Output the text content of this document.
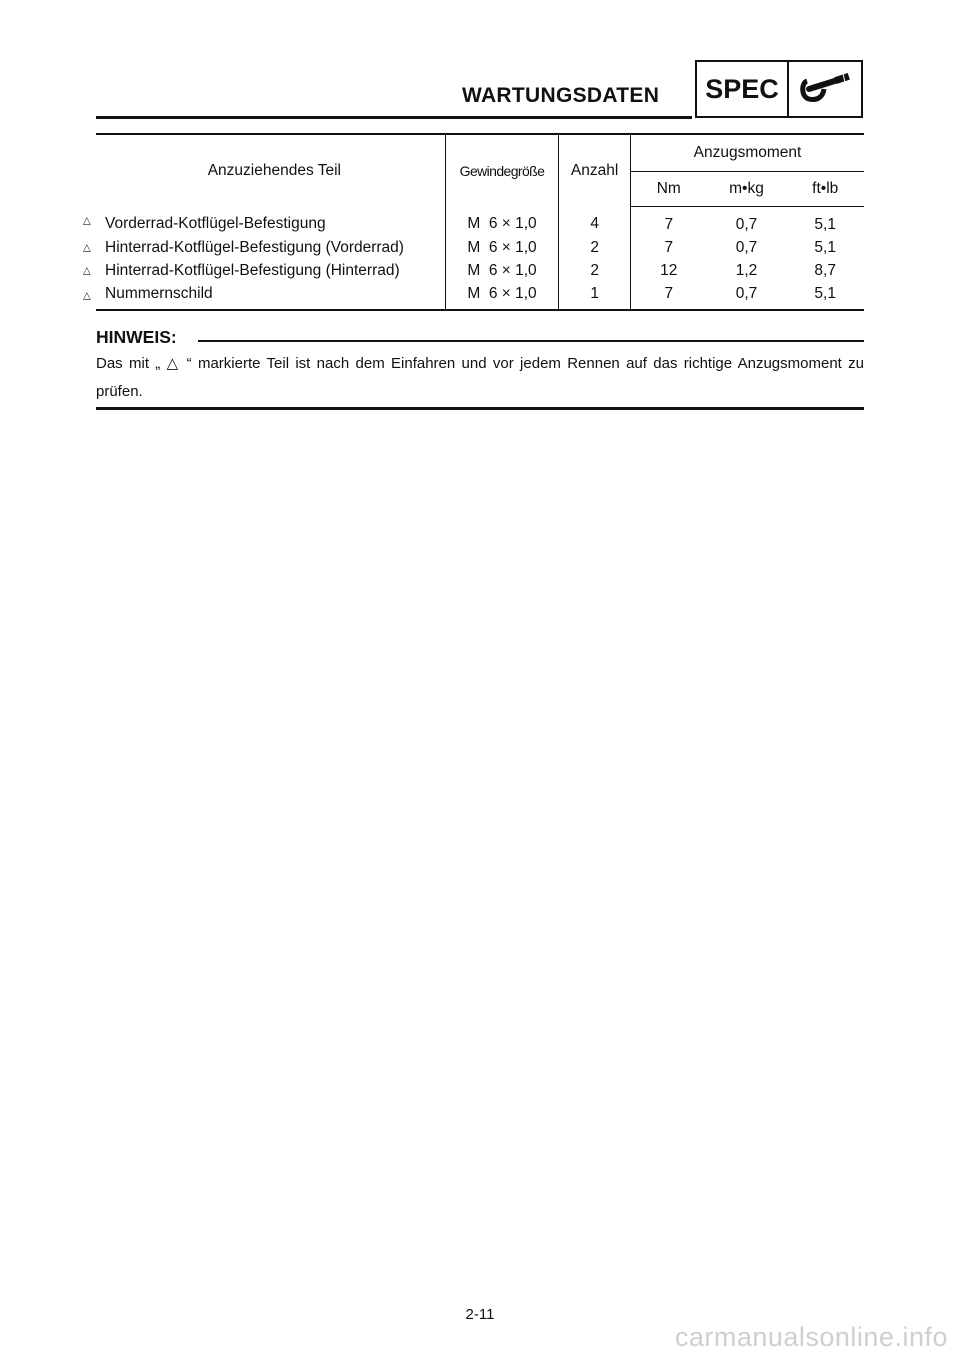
WARTUNGSDATEN	SPEC
Anzuziehendes Teil	Gewindegröße	Anzahl	Anzugsmoment		
			Nm	m•kg	ft•lb

△ Vorderrad-Kotflügel-Befestigung	M  6 × 1,0	4	7	0,7	5,1

△ Hinterrad-Kotflügel-Befestigung (Vorderrad)	M  6 × 1,0	2	7	0,7	5,1

△ Hinterrad-Kotflügel-Befestigung (Hinterrad)	M  6 × 1,0	2	12	1,2	8,7

△ Nummernschild	M  6 × 1,0	1	7	0,7	5,1
HINWEIS:
Das mit „ △ “ markierte Teil ist nach dem Einfahren und vor jedem Rennen auf das richtige Anzugsmoment zu prüfen.
2-11
carmanualsonline.info
